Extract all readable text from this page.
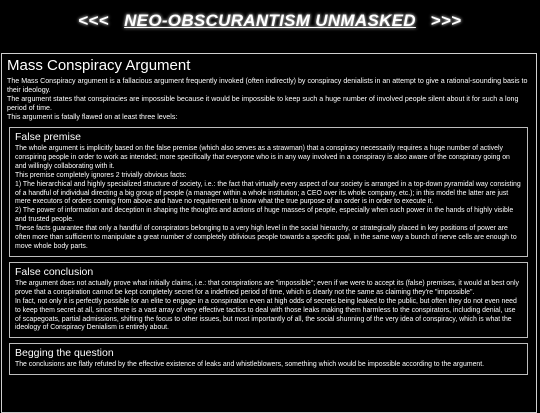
<<< NEO-OBSCURANTISM UNMASKED >>>
Mass Conspiracy Argument

The Mass Conspiracy argument is a fallacious argument frequently invoked (often indirectly) by conspiracy denialists in an attempt to give a rational-sounding basis to their ideology.

The argument states that conspiracies are impossible because it would be impossible to keep such a huge number of involved people silent about it for such a long period of time.

This argument is fatally flawed on at least three levels:

False premise

The whole argument is implicitly based on the false premise (which also serves as a strawman) that a conspiracy necessarily requires a huge number of actively conspiring people in order to work as intended; more specifically that everyone who is in any way involved in a conspiracy is also aware of the conspiracy going on and willingly collaborating with it.

This premise completely ignores 2 trivially obvious facts:

1) The hierarchical and highly specialized structure of society, i.e.: the fact that virtually every aspect of our society is arranged in a top-down pyramidal way consisting of a handful of individual directing a big group of people (a manager within a whole institution; a CEO over its whole company, etc.); in this model the latter are just mere executors of orders coming from above and have no requirement to know what the true purpose of an order is in order to execute it.

2) The power of information and deception in shaping the thoughts and actions of huge masses of people, especially when such power in the hands of highly visible and trusted people.

These facts guarantee that only a handful of conspirators belonging to a very high level in the social hierarchy, or strategically placed in key positions of power are often more than sufficient to manipulate a great number of completely oblivious people towards a specific goal, in the same way a bunch of nerve cells are enough to move whole body parts.

False conclusion

The argument does not actually prove what initially claims, i.e.: that conspirations are "impossible"; even if we were to accept its (false) premises, it would at best only prove that a conspiration cannot be kept completely secret for a indefined period of time, which is clearly not the same as claiming they're "impossible".

In fact, not only it is perfectly possible for an elite to engage in a conspiration even at high odds of secrets being leaked to the public, but often they do not even need to keep them secret at all, since there is a vast array of very effective tactics to deal with those leaks making them harmless to the conspirators, including denial, use of scapegoats, partial admissions, shifting the focus to other issues, but most importantly of all, the social shunning of the very idea of conspiracy, which is what the ideology of Conspiracy Denialism is entirely about.

Begging the question

The conclusions are flatly refuted by the effective existence of leaks and whistleblowers, something which would be impossible according to the argument.
